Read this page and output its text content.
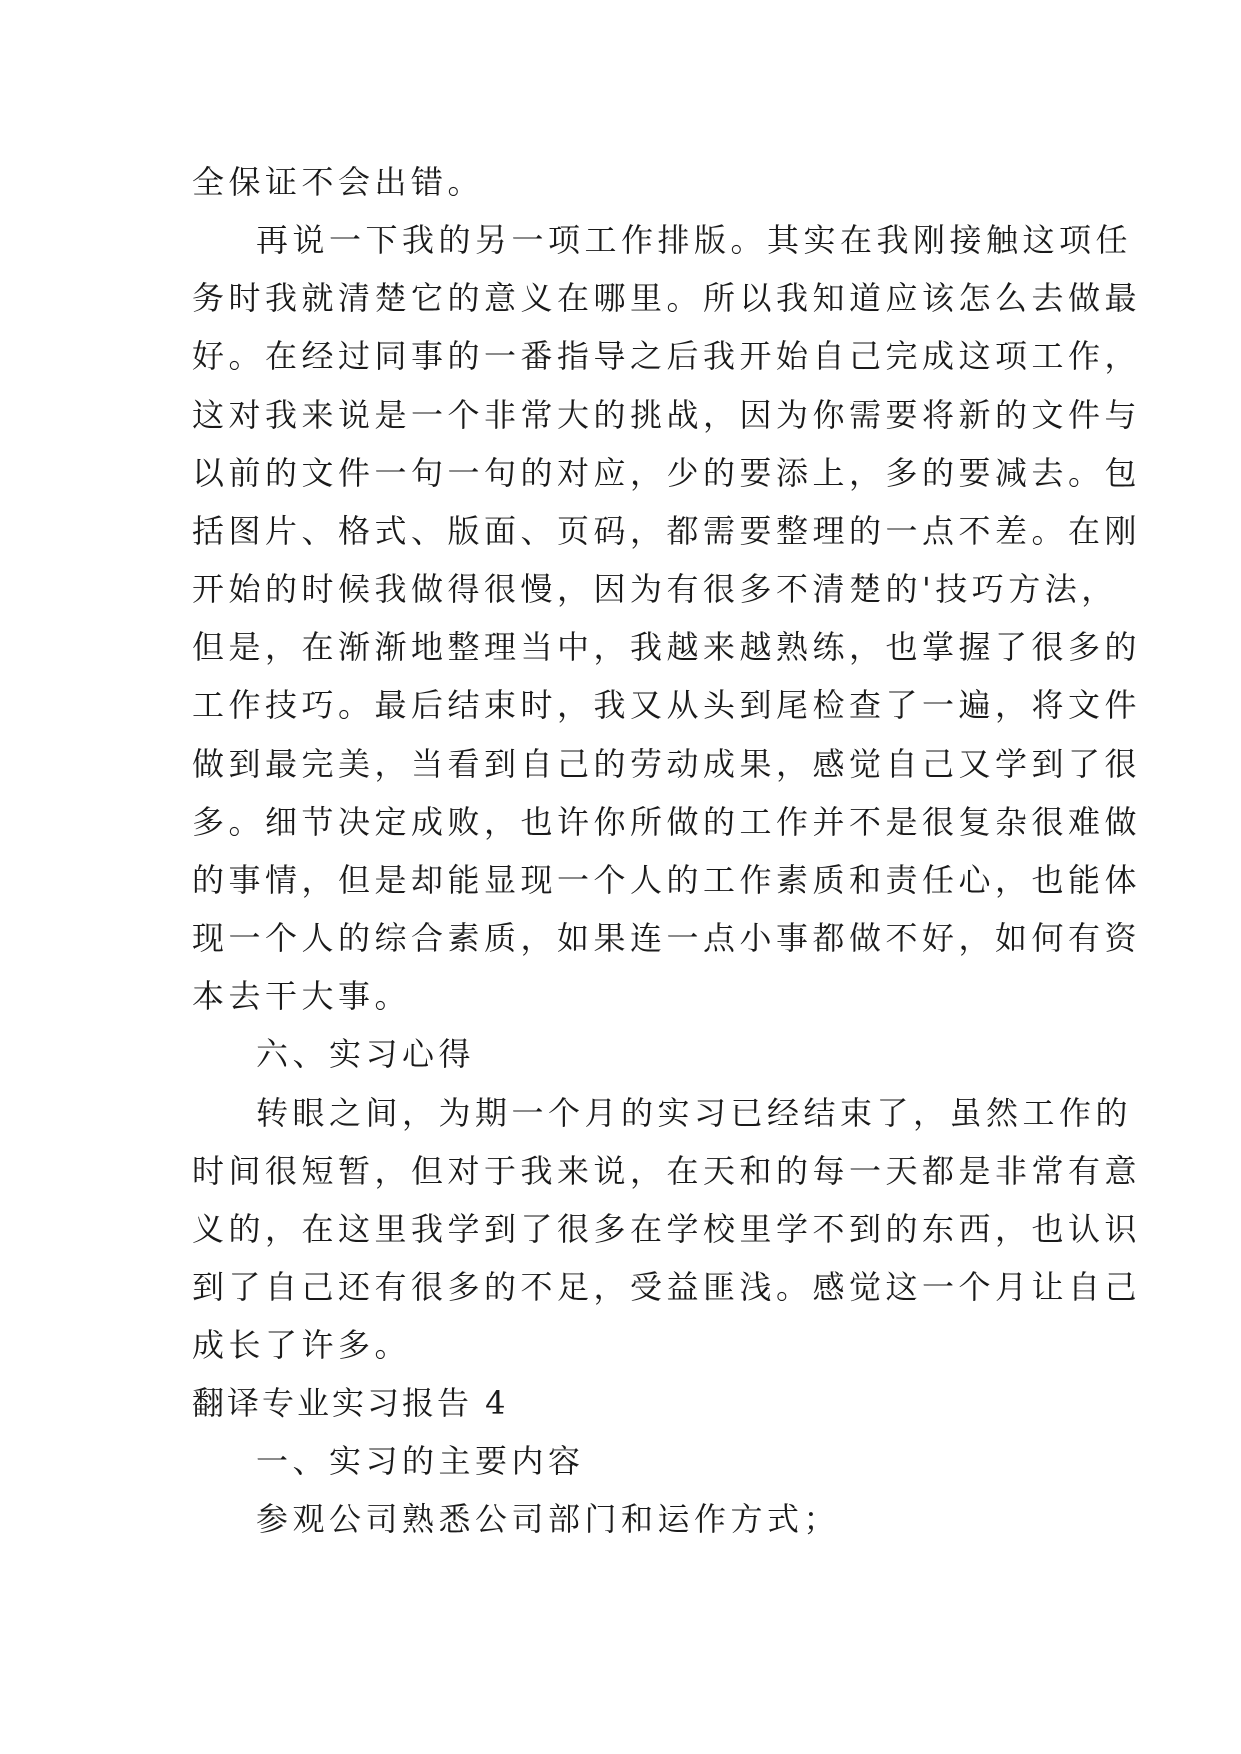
全保证不会出错。
再说一下我的另一项工作排版。其实在我刚接触这项任
务时我就清楚它的意义在哪里。所以我知道应该怎么去做最
好。在经过同事的一番指导之后我开始自己完成这项工作，
这对我来说是一个非常大的挑战，因为你需要将新的文件与
以前的文件一句一句的对应，少的要添上，多的要减去。包
括图片、格式、版面、页码，都需要整理的一点不差。在刚
开始的时候我做得很慢，因为有很多不清楚的'技巧方法，
但是，在渐渐地整理当中，我越来越熟练，也掌握了很多的
工作技巧。最后结束时，我又从头到尾检查了一遍，将文件
做到最完美，当看到自己的劳动成果，感觉自己又学到了很
多。细节决定成败，也许你所做的工作并不是很复杂很难做
的事情，但是却能显现一个人的工作素质和责任心，也能体
现一个人的综合素质，如果连一点小事都做不好，如何有资
本去干大事。
六、实习心得
转眼之间，为期一个月的实习已经结束了，虽然工作的
时间很短暂，但对于我来说，在天和的每一天都是非常有意
义的，在这里我学到了很多在学校里学不到的东西，也认识
到了自己还有很多的不足，受益匪浅。感觉这一个月让自己
成长了许多。
翻译专业实习报告 4
一、实习的主要内容
参观公司熟悉公司部门和运作方式；
